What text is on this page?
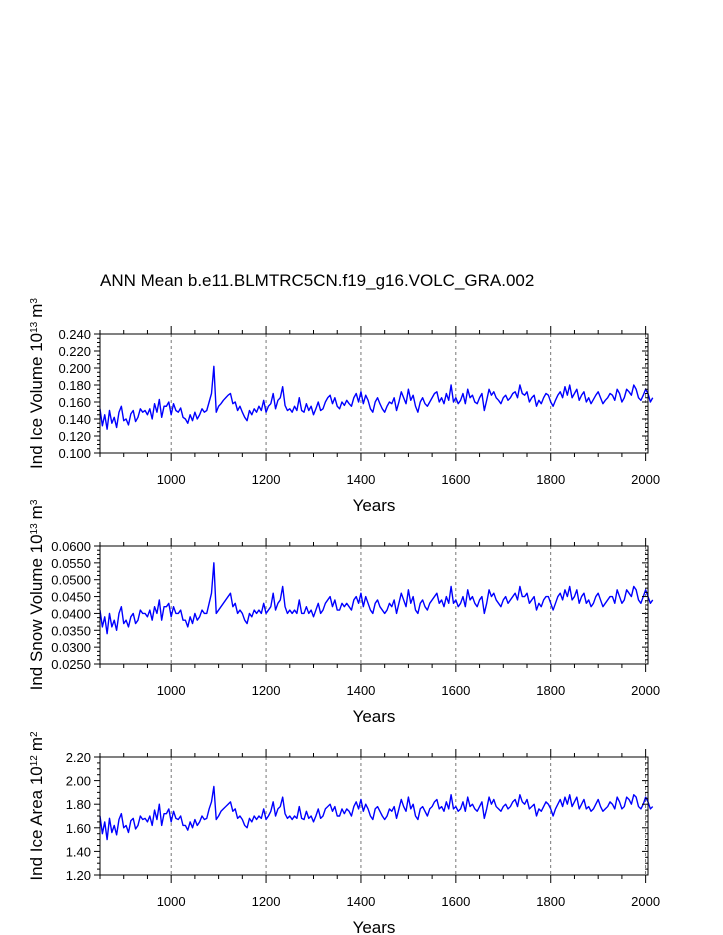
ANN Mean b.e11.BLMTRC5CN.f19_g16.VOLC_GRA.002
1000	1200	1400	1600	1800	2000
0.100
0.120
0.140
0.160
0.180
0.200
0.220
0.240
Years
Ind Ice Volume 1013m3
1000	1200	1400	1600	1800	2000
0.0250
0.0300
0.0350
0.0400
0.0450
0.0500
0.0550
0.0600
Years
Ind Snow Volume 1013m3
1000	1200	1400	1600	1800	2000
1.20
1.40
1.60
1.80
2.00
2.20
Years
Ind Ice Area 1012m2
